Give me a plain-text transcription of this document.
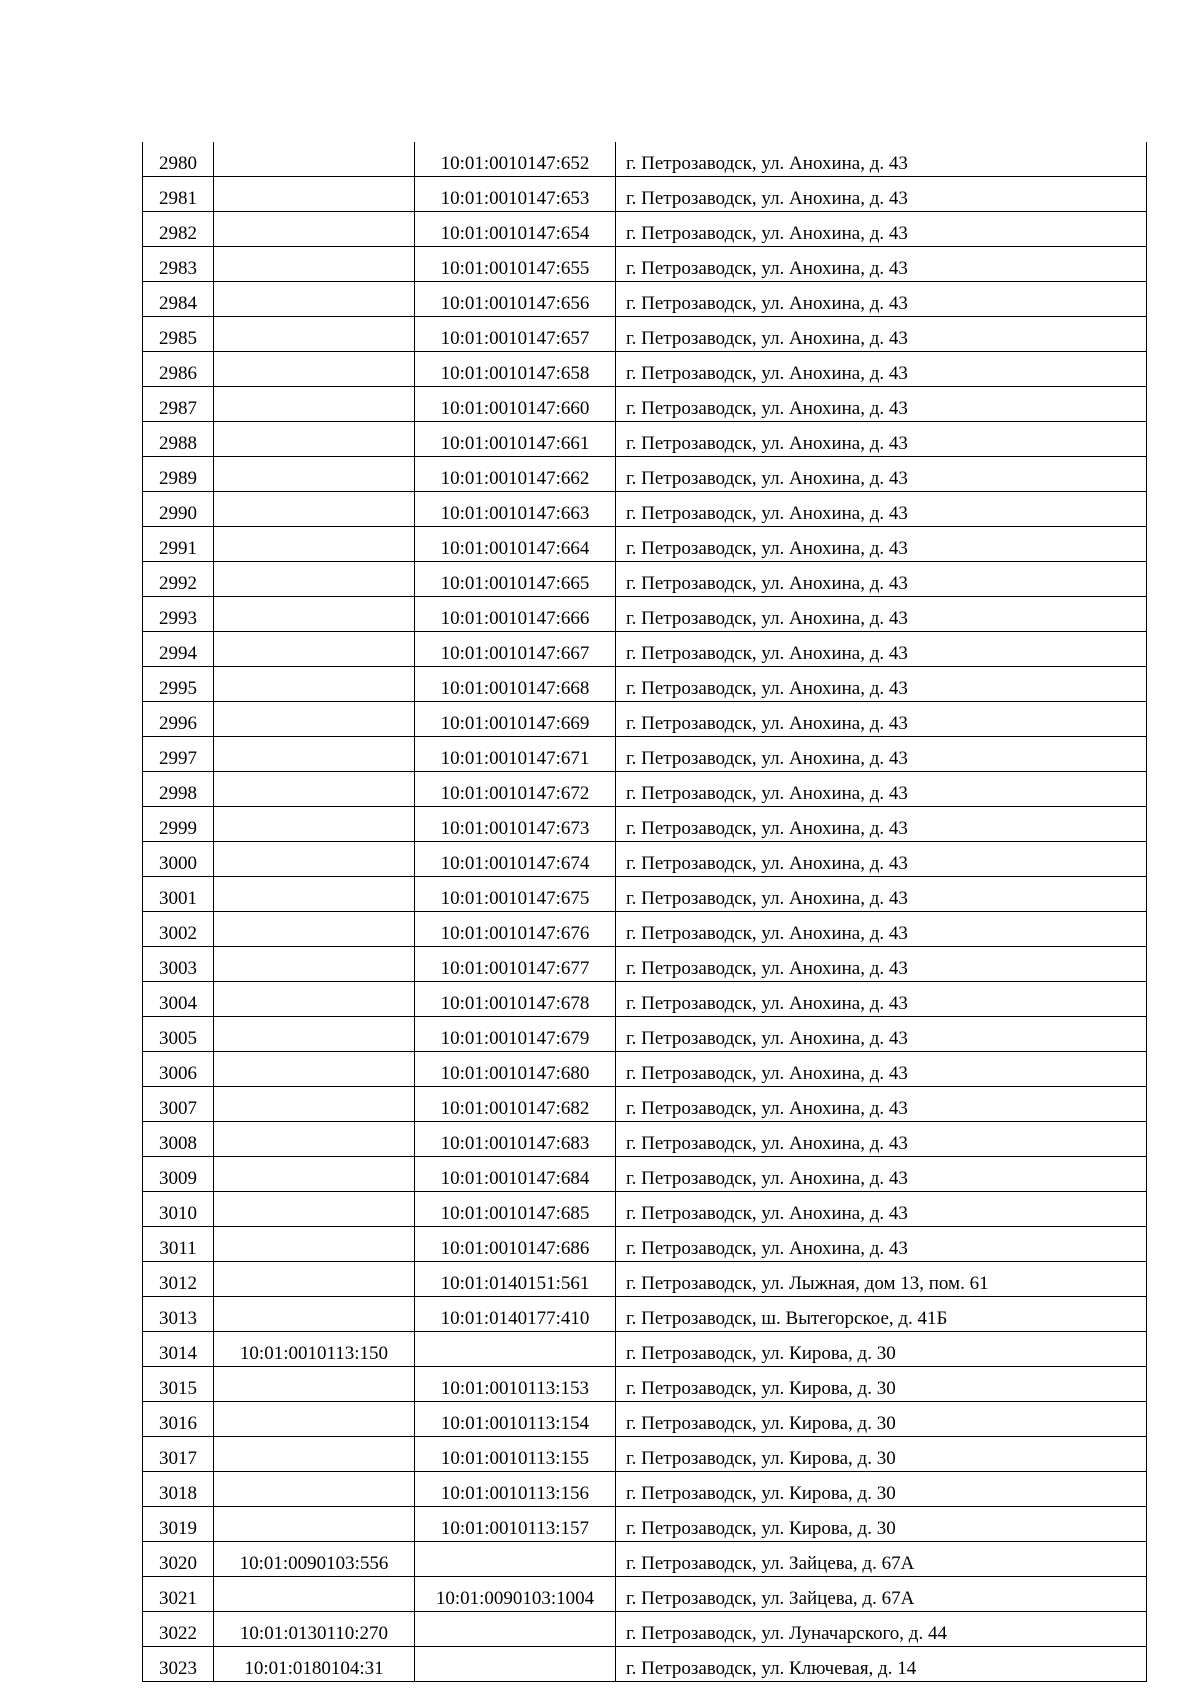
2980		10:01:0010147:652	г. Петрозаводск, ул. Анохина, д. 43
2981		10:01:0010147:653	г. Петрозаводск, ул. Анохина, д. 43
2982		10:01:0010147:654	г. Петрозаводск, ул. Анохина, д. 43
2983		10:01:0010147:655	г. Петрозаводск, ул. Анохина, д. 43
2984		10:01:0010147:656	г. Петрозаводск, ул. Анохина, д. 43
2985		10:01:0010147:657	г. Петрозаводск, ул. Анохина, д. 43
2986		10:01:0010147:658	г. Петрозаводск, ул. Анохина, д. 43
2987		10:01:0010147:660	г. Петрозаводск, ул. Анохина, д. 43
2988		10:01:0010147:661	г. Петрозаводск, ул. Анохина, д. 43
2989		10:01:0010147:662	г. Петрозаводск, ул. Анохина, д. 43
2990		10:01:0010147:663	г. Петрозаводск, ул. Анохина, д. 43
2991		10:01:0010147:664	г. Петрозаводск, ул. Анохина, д. 43
2992		10:01:0010147:665	г. Петрозаводск, ул. Анохина, д. 43
2993		10:01:0010147:666	г. Петрозаводск, ул. Анохина, д. 43
2994		10:01:0010147:667	г. Петрозаводск, ул. Анохина, д. 43
2995		10:01:0010147:668	г. Петрозаводск, ул. Анохина, д. 43
2996		10:01:0010147:669	г. Петрозаводск, ул. Анохина, д. 43
2997		10:01:0010147:671	г. Петрозаводск, ул. Анохина, д. 43
2998		10:01:0010147:672	г. Петрозаводск, ул. Анохина, д. 43
2999		10:01:0010147:673	г. Петрозаводск, ул. Анохина, д. 43
3000		10:01:0010147:674	г. Петрозаводск, ул. Анохина, д. 43
3001		10:01:0010147:675	г. Петрозаводск, ул. Анохина, д. 43
3002		10:01:0010147:676	г. Петрозаводск, ул. Анохина, д. 43
3003		10:01:0010147:677	г. Петрозаводск, ул. Анохина, д. 43
3004		10:01:0010147:678	г. Петрозаводск, ул. Анохина, д. 43
3005		10:01:0010147:679	г. Петрозаводск, ул. Анохина, д. 43
3006		10:01:0010147:680	г. Петрозаводск, ул. Анохина, д. 43
3007		10:01:0010147:682	г. Петрозаводск, ул. Анохина, д. 43
3008		10:01:0010147:683	г. Петрозаводск, ул. Анохина, д. 43
3009		10:01:0010147:684	г. Петрозаводск, ул. Анохина, д. 43
3010		10:01:0010147:685	г. Петрозаводск, ул. Анохина, д. 43
3011		10:01:0010147:686	г. Петрозаводск, ул. Анохина, д. 43
3012		10:01:0140151:561	г. Петрозаводск, ул. Лыжная, дом 13, пом. 61
3013		10:01:0140177:410	г. Петрозаводск, ш. Вытегорское, д. 41Б
3014	10:01:0010113:150		г. Петрозаводск, ул. Кирова, д. 30
3015		10:01:0010113:153	г. Петрозаводск, ул. Кирова, д. 30
3016		10:01:0010113:154	г. Петрозаводск, ул. Кирова, д. 30
3017		10:01:0010113:155	г. Петрозаводск, ул. Кирова, д. 30
3018		10:01:0010113:156	г. Петрозаводск, ул. Кирова, д. 30
3019		10:01:0010113:157	г. Петрозаводск, ул. Кирова, д. 30
3020	10:01:0090103:556		г. Петрозаводск, ул. Зайцева, д. 67А
3021		10:01:0090103:1004	г. Петрозаводск, ул. Зайцева, д. 67А
3022	10:01:0130110:270		г. Петрозаводск, ул. Луначарского, д. 44
3023	10:01:0180104:31		г. Петрозаводск, ул. Ключевая, д. 14
